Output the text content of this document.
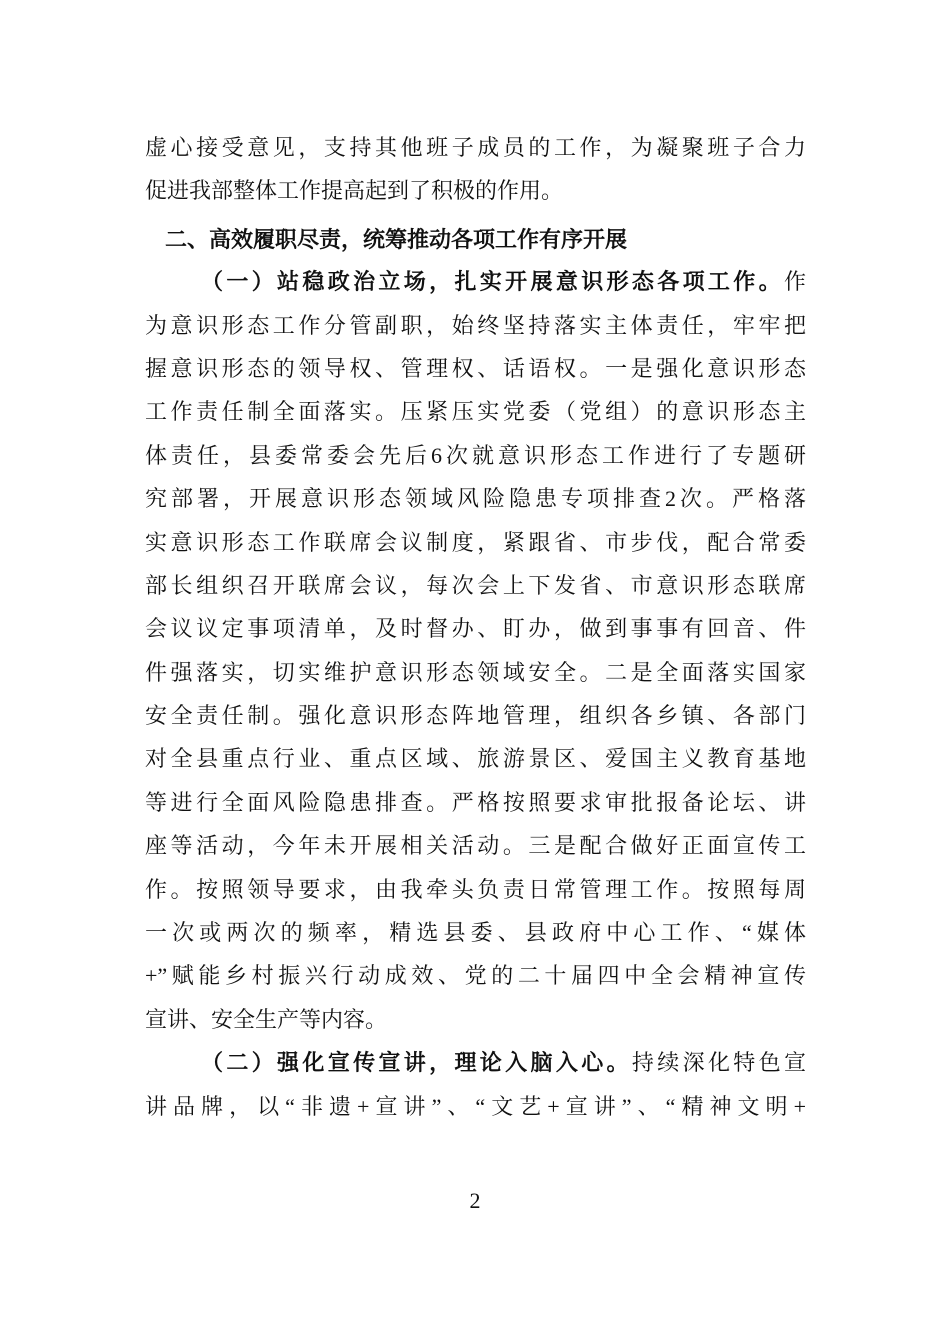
虚心接受意见，支持其他班子成员的工作，为凝聚班子合力
促进我部整体工作提高起到了积极的作用。
二、高效履职尽责，统筹推动各项工作有序开展
（一）站稳政治立场，扎实开展意识形态各项工作。作
为意识形态工作分管副职，始终坚持落实主体责任，牢牢把
握意识形态的领导权、管理权、话语权。一是强化意识形态
工作责任制全面落实。压紧压实党委（党组）的意识形态主
体责任，县委常委会先后6次就意识形态工作进行了专题研
究部署，开展意识形态领域风险隐患专项排查2次。严格落
实意识形态工作联席会议制度，紧跟省、市步伐，配合常委
部长组织召开联席会议，每次会上下发省、市意识形态联席
会议议定事项清单，及时督办、盯办，做到事事有回音、件
件强落实，切实维护意识形态领域安全。二是全面落实国家
安全责任制。强化意识形态阵地管理，组织各乡镇、各部门
对全县重点行业、重点区域、旅游景区、爱国主义教育基地
等进行全面风险隐患排查。严格按照要求审批报备论坛、讲
座等活动，今年未开展相关活动。三是配合做好正面宣传工
作。按照领导要求，由我牵头负责日常管理工作。按照每周
一次或两次的频率，精选县委、县政府中心工作、“媒体
+”赋能乡村振兴行动成效、党的二十届四中全会精神宣传
宣讲、安全生产等内容。
（二）强化宣传宣讲，理论入脑入心。持续深化特色宣
讲品牌，以“非遗+宣讲”、“文艺+宣讲”、“精神文明+
2
